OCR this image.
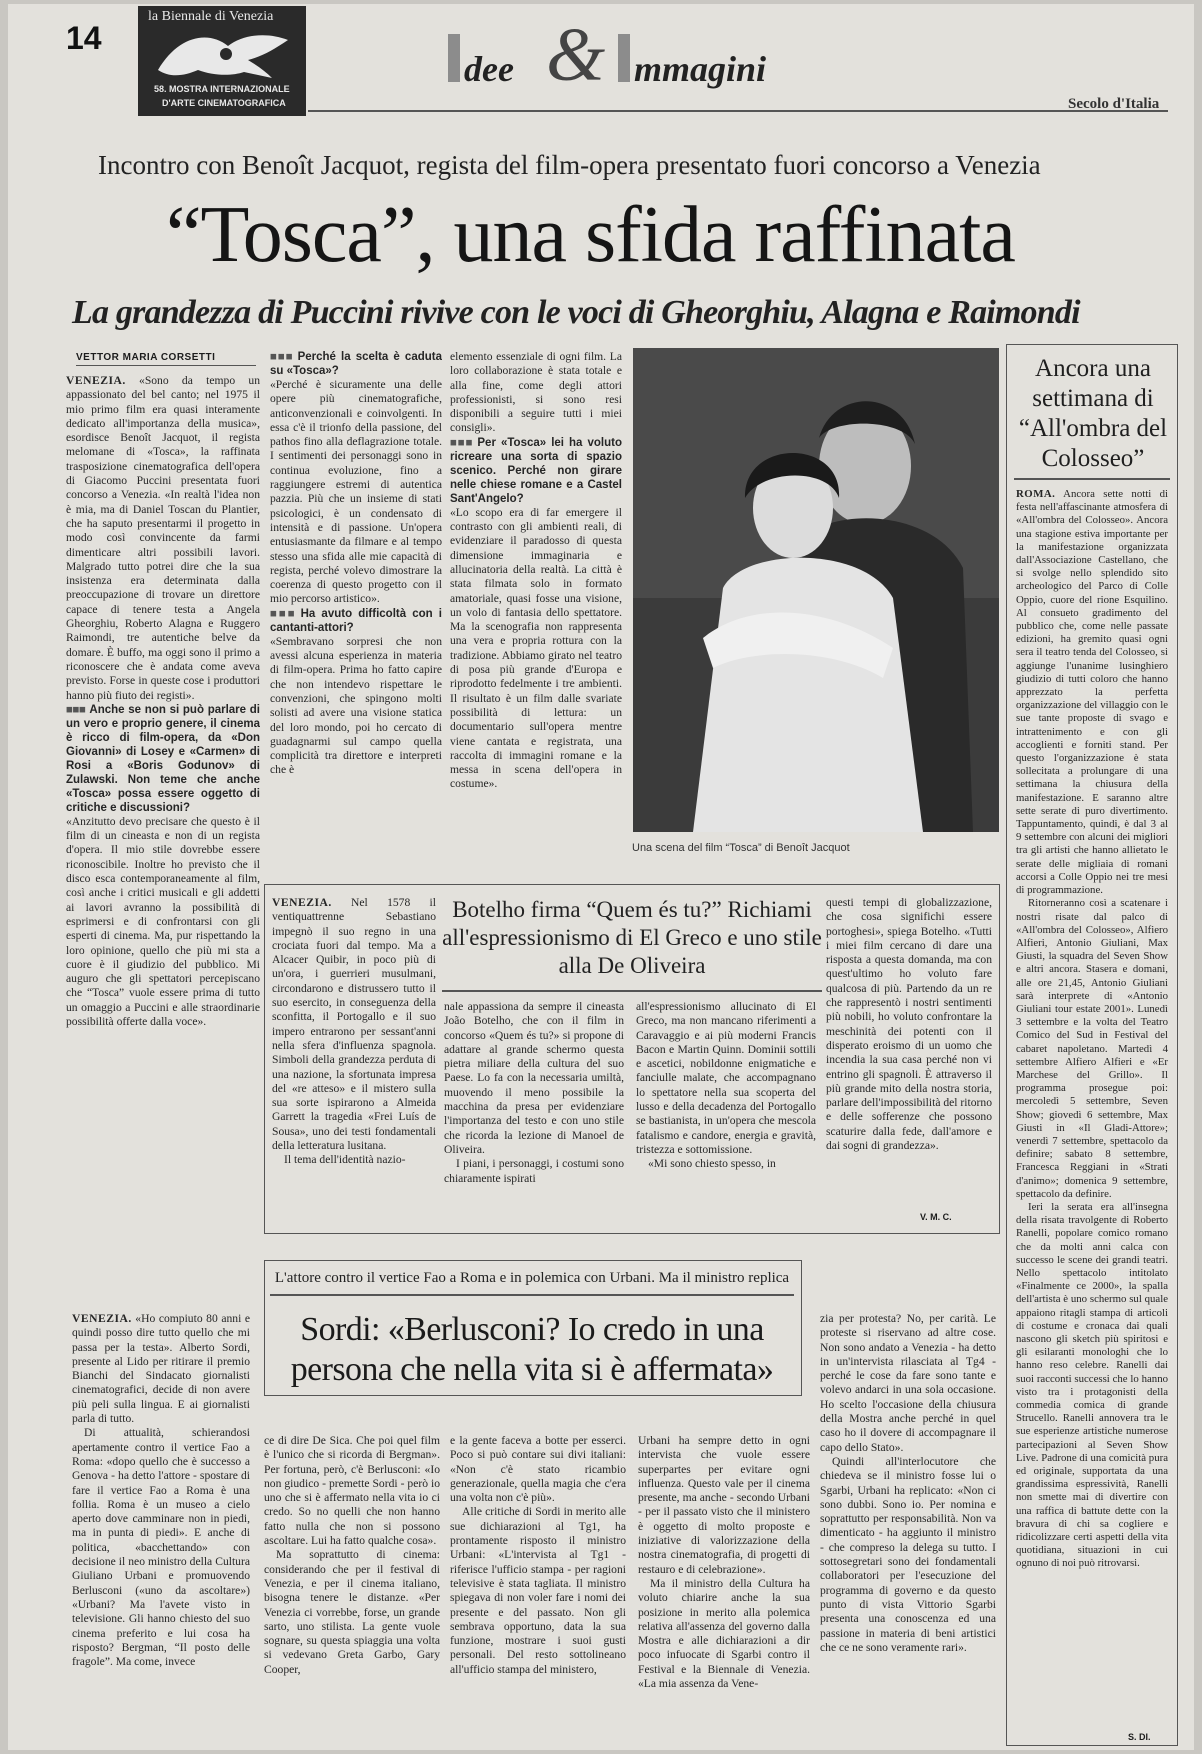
14
la Biennale di Venezia
58. MOSTRA INTERNAZIONALE
D'ARTE CINEMATOGRAFICA
dee & mmagini
Secolo d'Italia
Incontro con Benoît Jacquot, regista del film-opera presentato fuori concorso a Venezia
“Tosca”, una sfida raffinata
La grandezza di Puccini rivive con le voci di Gheorghiu, Alagna e Raimondi
VETTOR MARIA CORSETTI

VENEZIA. «Sono da tempo un appassionato del bel canto; nel 1975 il mio primo film era quasi interamente dedicato all'importanza della musica», esordisce Benoît Jacquot, il regista melomane di «Tosca», la raffinata trasposizione cinematografica dell'opera di Giacomo Puccini presentata fuori concorso a Venezia. «In realtà l'idea non è mia, ma di Daniel Toscan du Plantier, che ha saputo presentarmi il progetto in modo così convincente da farmi dimenticare altri possibili lavori. Malgrado tutto potrei dire che la sua insistenza era determinata dalla preoccupazione di trovare un direttore capace di tenere testa a Angela Gheorghiu, Roberto Alagna e Ruggero Raimondi, tre autentiche belve da domare. È buffo, ma oggi sono il primo a riconoscere che è andata come aveva previsto. Forse in queste cose i produttori hanno più fiuto dei registi».

■■■ Anche se non si può parlare di un vero e proprio genere, il cinema è ricco di film-opera, da «Don Giovanni» di Losey e «Carmen» di Rosi a «Boris Godunov» di Zulawski. Non teme che anche «Tosca» possa essere oggetto di critiche e discussioni?

«Anzitutto devo precisare che questo è il film di un cineasta e non di un regista d'opera. Il mio stile dovrebbe essere riconoscibile. Inoltre ho previsto che il disco esca contemporaneamente al film, così anche i critici musicali e gli addetti ai lavori avranno la possibilità di esprimersi e di confrontarsi con gli esperti di cinema. Ma, pur rispettando la loro opinione, quello che più mi sta a cuore è il giudizio del pubblico. Mi auguro che gli spettatori percepiscano che “Tosca” vuole essere prima di tutto un omaggio a Puccini e alle straordinarie possibilità offerte dalla voce».

■■■ Perché la scelta è caduta su «Tosca»?

«Perché è sicuramente una delle opere più cinematografiche, anticonvenzionali e coinvolgenti. In essa c'è il trionfo della passione, del pathos fino alla deflagrazione totale. I sentimenti dei personaggi sono in continua evoluzione, fino a raggiungere estremi di autentica pazzia. Più che un insieme di stati psicologici, è un condensato di intensità e di passione. Un'opera entusiasmante da filmare e al tempo stesso una sfida alle mie capacità di regista, perché volevo dimostrare la coerenza di questo progetto con il mio percorso artistico».

■■■ Ha avuto difficoltà con i cantanti-attori?

«Sembravano sorpresi che non avessi alcuna esperienza in materia di film-opera. Prima ho fatto capire che non intendevo rispettare le convenzioni, che spingono molti solisti ad avere una visione statica del loro mondo, poi ho cercato di guadagnarmi sul campo quella complicità tra direttore e interpreti che è

elemento essenziale di ogni film. La loro collaborazione è stata totale e alla fine, come degli attori professionisti, si sono resi disponibili a seguire tutti i miei consigli».

■■■ Per «Tosca» lei ha voluto ricreare una sorta di spazio scenico. Perché non girare nelle chiese romane e a Castel Sant'Angelo?

«Lo scopo era di far emergere il contrasto con gli ambienti reali, di evidenziare il paradosso di questa dimensione immaginaria e allucinatoria della realtà. La città è stata filmata solo in formato amatoriale, quasi fosse una visione, un volo di fantasia dello spettatore. Ma la scenografia non rappresenta una vera e propria rottura con la tradizione. Abbiamo girato nel teatro di posa più grande d'Europa e riprodotto fedelmente i tre ambienti. Il risultato è un film dalle svariate possibilità di lettura: un documentario sull'opera mentre viene cantata e registrata, una raccolta di immagini romane e la messa in scena dell'opera in costume».

Una scena del film “Tosca” di Benoît Jacquot
Ancora una settimana di “All'ombra del Colosseo”

ROMA. Ancora sette notti di festa nell'affascinante atmosfera di «All'ombra del Colosseo». Ancora una stagione estiva importante per la manifestazione organizzata dall'Associazione Castellano, che si svolge nello splendido sito archeologico del Parco di Colle Oppio, cuore del rione Esquilino. Al consueto gradimento del pubblico che, come nelle passate edizioni, ha gremito quasi ogni sera il teatro tenda del Colosseo, si aggiunge l'unanime lusinghiero giudizio di tutti coloro che hanno apprezzato la perfetta organizzazione del villaggio con le sue tante proposte di svago e intrattenimento e con gli accoglienti e forniti stand. Per questo l'organizzazione è stata sollecitata a prolungare di una settimana la chiusura della manifestazione. E saranno altre sette serate di puro divertimento. Tappuntamento, quindi, è dal 3 al 9 settembre con alcuni dei migliori tra gli artisti che hanno allietato le serate delle migliaia di romani accorsi a Colle Oppio nei tre mesi di programmazione.

Ritorneranno così a scatenare i nostri risate dal palco di «All'ombra del Colosseo», Alfiero Alfieri, Antonio Giuliani, Max Giusti, la squadra del Seven Show e altri ancora. Stasera e domani, alle ore 21,45, Antonio Giuliani sarà interprete di «Antonio Giuliani tour estate 2001». Lunedì 3 settembre e la volta del Teatro Comico del Sud in Festival del cabaret napoletano. Martedì 4 settembre Alfiero Alfieri e «Er Marchese del Grillo». Il programma prosegue poi: mercoledì 5 settembre, Seven Show; giovedì 6 settembre, Max Giusti in «Il Gladi-Attore»; venerdì 7 settembre, spettacolo da definire; sabato 8 settembre, Francesca Reggiani in «Strati d'animo»; domenica 9 settembre, spettacolo da definire.

Ieri la serata era all'insegna della risata travolgente di Roberto Ranelli, popolare comico romano che da molti anni calca con successo le scene dei grandi teatri. Nello spettacolo intitolato «Finalmente ce 2000», la spalla dell'artista è uno schermo sul quale appaiono ritagli stampa di articoli di costume e cronaca dai quali nascono gli sketch più spiritosi e gli esilaranti monologhi che lo hanno reso celebre. Ranelli dai suoi racconti successi che lo hanno visto tra i protagonisti della commedia comica di grande Strucello. Ranelli annovera tra le sue esperienze artistiche numerose partecipazioni al Seven Show Live. Padrone di una comicità pura ed originale, supportata da una grandissima espressività, Ranelli non smette mai di divertire con una raffica di battute dette con la bravura di chi sa cogliere e ridicolizzare certi aspetti della vita quotidiana, situazioni in cui ognuno di noi può ritrovarsi.

S. DI.
Botelho firma “Quem és tu?” Richiami all'espressionismo di El Greco e uno stile alla De Oliveira

VENEZIA. Nel 1578 il ventiquattrenne Sebastiano impegnò il suo regno in una crociata fuori dal tempo. Ma a Alcacer Quibir, in poco più di un'ora, i guerrieri musulmani, circondarono e distrussero tutto il suo esercito, in conseguenza della sconfitta, il Portogallo e il suo impero entrarono per sessant'anni nella sfera d'influenza spagnola. Simboli della grandezza perduta di una nazione, la sfortunata impresa del «re atteso» e il mistero sulla sua sorte ispirarono a Almeida Garrett la tragedia «Frei Luís de Sousa», uno dei testi fondamentali della letteratura lusitana.

Il tema dell'identità nazio-

nale appassiona da sempre il cineasta João Botelho, che con il film in concorso «Quem és tu?» si propone di adattare al grande schermo questa pietra miliare della cultura del suo Paese. Lo fa con la necessaria umiltà, muovendo il meno possibile la macchina da presa per evidenziare l'importanza del testo e con uno stile che ricorda la lezione di Manoel de Oliveira.

I piani, i personaggi, i costumi sono chiaramente ispirati

all'espressionismo allucinato di El Greco, ma non mancano riferimenti a Caravaggio e ai più moderni Francis Bacon e Martin Quinn. Dominii sottili e ascetici, nobildonne enigmatiche e fanciulle malate, che accompagnano lo spettatore nella sua scoperta del lusso e della decadenza del Portogallo se bastianista, in un'opera che mescola fatalismo e candore, energia e gravità, tristezza e sottomissione.

«Mi sono chiesto spesso, in

questi tempi di globalizzazione, che cosa significhi essere portoghesi», spiega Botelho. «Tutti i miei film cercano di dare una risposta a questa domanda, ma con quest'ultimo ho voluto fare qualcosa di più. Partendo da un re che rappresentò i nostri sentimenti più nobili, ho voluto confrontare la meschinità dei potenti con il disperato eroismo di un uomo che incendia la sua casa perché non vi entrino gli spagnoli. È attraverso il più grande mito della nostra storia, parlare dell'impossibilità del ritorno e delle sofferenze che possono scaturire dalla fede, dall'amore e dai sogni di grandezza».

V. M. C.
L'attore contro il vertice Fao a Roma e in polemica con Urbani. Ma il ministro replica
Sordi: «Berlusconi? Io credo in una persona che nella vita si è affermata»

VENEZIA. «Ho compiuto 80 anni e quindi posso dire tutto quello che mi passa per la testa». Alberto Sordi, presente al Lido per ritirare il premio Bianchi del Sindacato giornalisti cinematografici, decide di non avere più peli sulla lingua. E ai giornalisti parla di tutto.

Di attualità, schierandosi apertamente contro il vertice Fao a Roma: «dopo quello che è successo a Genova - ha detto l'attore - spostare di fare il vertice Fao a Roma è una follia. Roma è un museo a cielo aperto dove camminare non in piedi, ma in punta di piedi». E anche di politica, «bacchettando» con decisione il neo ministro della Cultura Giuliano Urbani e promuovendo Berlusconi («uno da ascoltare») «Urbani? Ma l'avete visto in televisione. Gli hanno chiesto del suo cinema preferito e lui cosa ha risposto? Bergman, “Il posto delle fragole”. Ma come, invece

ce di dire De Sica. Che poi quel film è l'unico che si ricorda di Bergman». Per fortuna, però, c'è Berlusconi: «Io non giudico - premette Sordi - però io uno che si è affermato nella vita io ci credo. So no quelli che non hanno fatto nulla che non si possono ascoltare. Lui ha fatto qualche cosa».

Ma soprattutto di cinema: considerando che per il festival di Venezia, e per il cinema italiano, bisogna tenere le distanze. «Per Venezia ci vorrebbe, forse, un grande sarto, uno stilista. La gente vuole sognare, su questa spiaggia una volta si vedevano Greta Garbo, Gary Cooper,

e la gente faceva a botte per esserci. Poco si può contare sui divi italiani: «Non c'è stato ricambio generazionale, quella magia che c'era una volta non c'è più».

Alle critiche di Sordi in merito alle sue dichiarazioni al Tg1, ha prontamente risposto il ministro Urbani: «L'intervista al Tg1 - riferisce l'ufficio stampa - per ragioni televisive è stata tagliata. Il ministro spiegava di non voler fare i nomi dei presente e del passato. Non gli sembrava opportuno, data la sua funzione, mostrare i suoi gusti personali. Del resto sottolineano all'ufficio stampa del ministero,

Urbani ha sempre detto in ogni intervista che vuole essere superpartes per evitare ogni influenza. Questo vale per il cinema presente, ma anche - secondo Urbani - per il passato visto che il ministero è oggetto di molto proposte e iniziative di valorizzazione della nostra cinematografia, di progetti di restauro e di celebrazione».

Ma il ministro della Cultura ha voluto chiarire anche la sua posizione in merito alla polemica relativa all'assenza del governo dalla Mostra e alle dichiarazioni a dir poco infuocate di Sgarbi contro il Festival e la Biennale di Venezia. «La mia assenza da Vene-

zia per protesta? No, per carità. Le proteste si riservano ad altre cose. Non sono andato a Venezia - ha detto in un'intervista rilasciata al Tg4 - perché le cose da fare sono tante e volevo andarci in una sola occasione. Ho scelto l'occasione della chiusura della Mostra anche perché in quel caso ho il dovere di accompagnare il capo dello Stato».

Quindi all'interlocutore che chiedeva se il ministro fosse lui o Sgarbi, Urbani ha replicato: «Non ci sono dubbi. Sono io. Per nomina e soprattutto per responsabilità. Non va dimenticato - ha aggiunto il ministro - che compreso la delega su tutto. I sottosegretari sono dei fondamentali collaboratori per l'esecuzione del programma di governo e da questo punto di vista Vittorio Sgarbi presenta una conoscenza ed una passione in materia di beni artistici che ce ne sono veramente rari».
